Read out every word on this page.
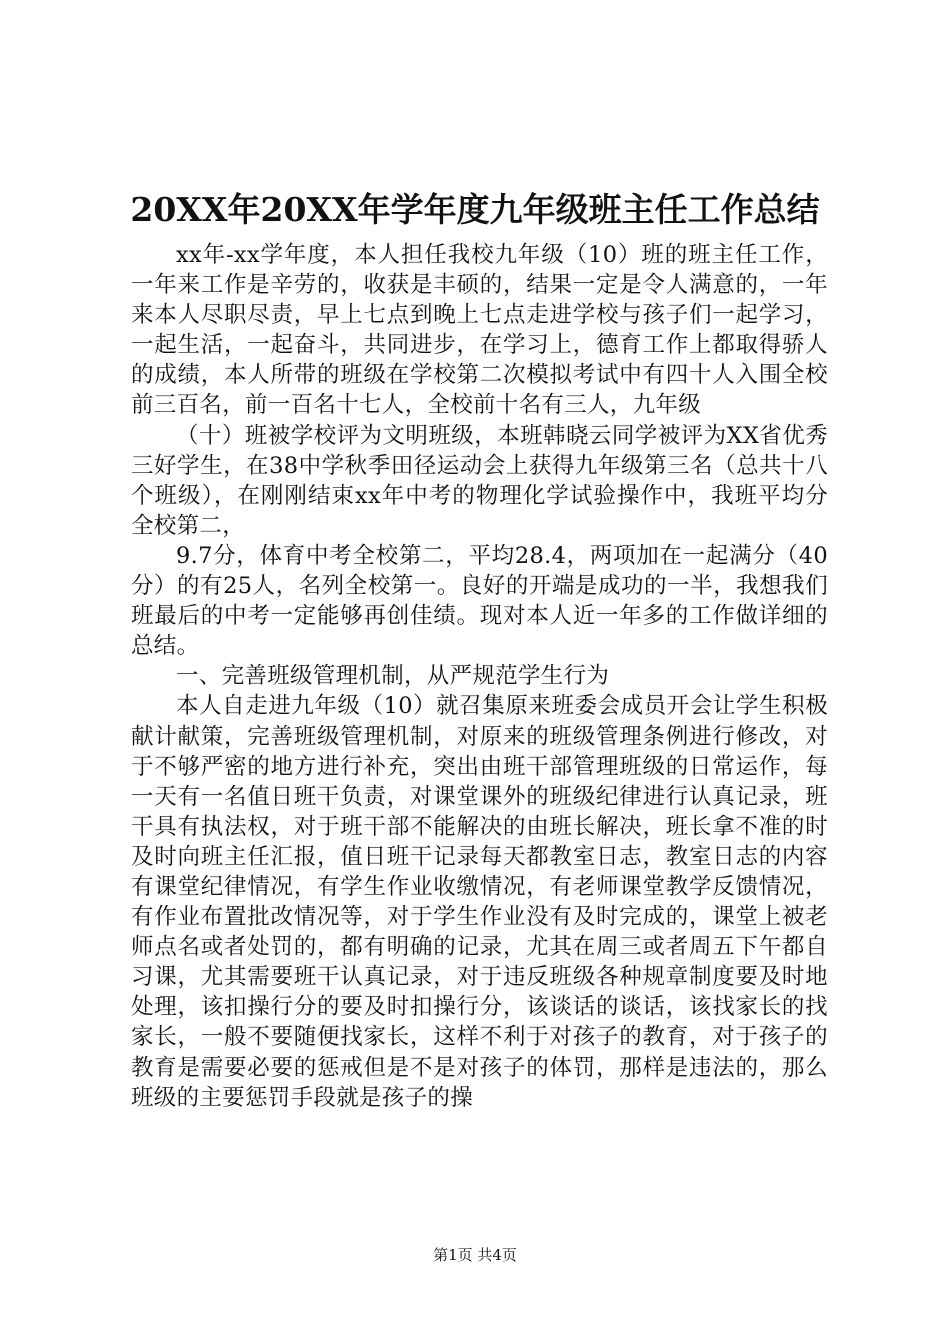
20XX年20XX年学年度九年级班主任工作总结

xx年-xx学年度，本人担任我校九年级（10）班的班主任工作，一年来工作是辛劳的，收获是丰硕的，结果一定是令人满意的，一年来本人尽职尽责，早上七点到晚上七点走进学校与孩子们一起学习，一起生活，一起奋斗，共同进步，在学习上，德育工作上都取得骄人的成绩，本人所带的班级在学校第二次模拟考试中有四十人入围全校前三百名，前一百名十七人，全校前十名有三人，九年级

（十）班被学校评为文明班级，本班韩晓云同学被评为XX省优秀三好学生，在38中学秋季田径运动会上获得九年级第三名（总共十八个班级），在刚刚结束xx年中考的物理化学试验操作中，我班平均分全校第二，

9.7分，体育中考全校第二，平均28.4，两项加在一起满分（40分）的有25人，名列全校第一。良好的开端是成功的一半，我想我们班最后的中考一定能够再创佳绩。现对本人近一年多的工作做详细的总结。

一、完善班级管理机制，从严规范学生行为

本人自走进九年级（10）就召集原来班委会成员开会让学生积极献计献策，完善班级管理机制，对原来的班级管理条例进行修改，对于不够严密的地方进行补充，突出由班干部管理班级的日常运作，每一天有一名值日班干负责，对课堂课外的班级纪律进行认真记录，班干具有执法权，对于班干部不能解决的由班长解决，班长拿不准的时及时向班主任汇报，值日班干记录每天都教室日志，教室日志的内容有课堂纪律情况，有学生作业收缴情况，有老师课堂教学反馈情况，有作业布置批改情况等，对于学生作业没有及时完成的，课堂上被老师点名或者处罚的，都有明确的记录，尤其在周三或者周五下午都自习课，尤其需要班干认真记录，对于违反班级各种规章制度要及时地处理，该扣操行分的要及时扣操行分，该谈话的谈话，该找家长的找家长，一般不要随便找家长，这样不利于对孩子的教育，对于孩子的教育是需要必要的惩戒但是不是对孩子的体罚，那样是违法的，那么班级的主要惩罚手段就是孩子的操

第1页 共4页
